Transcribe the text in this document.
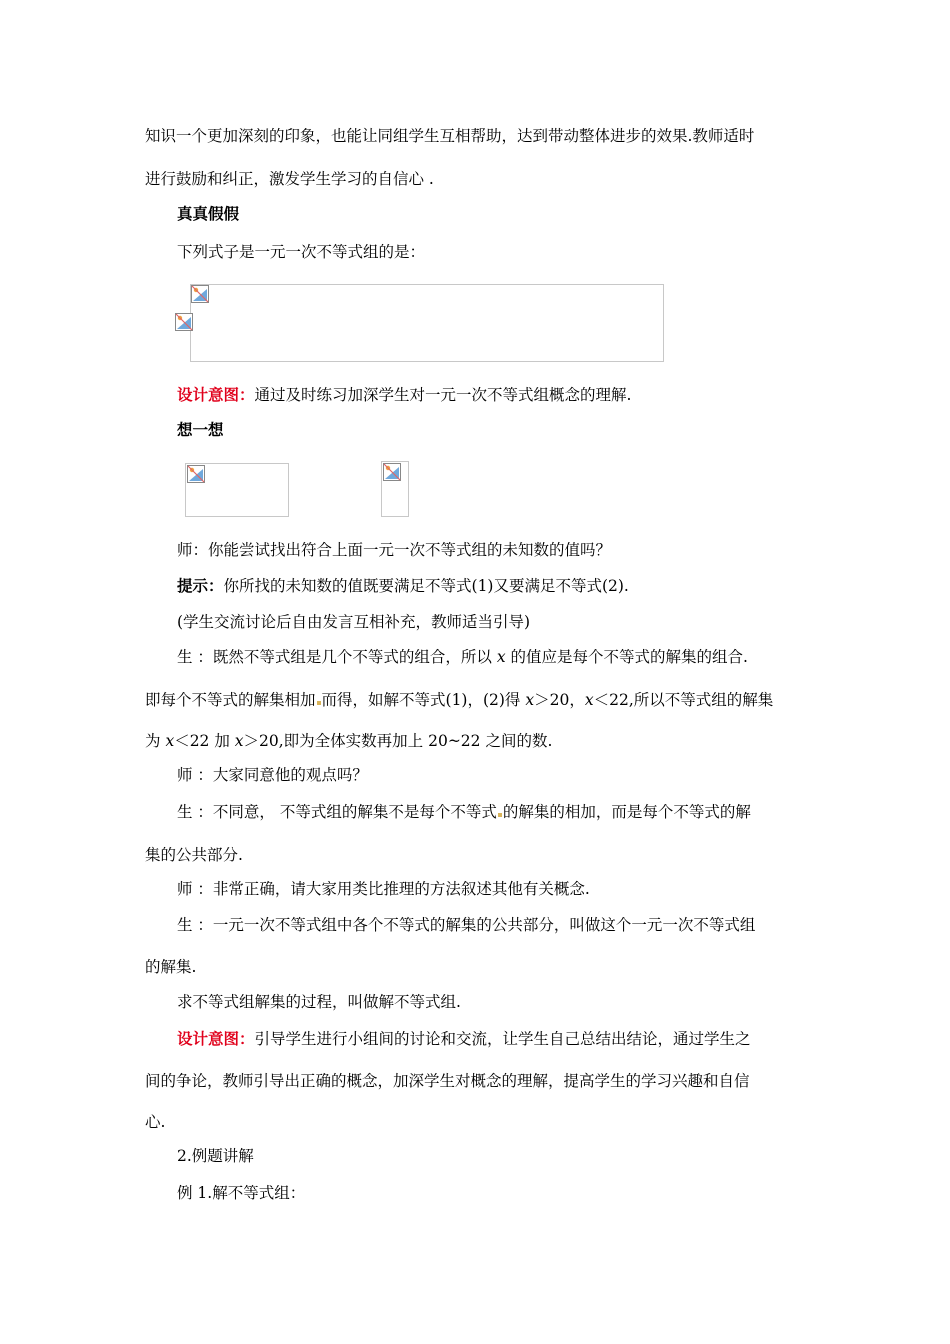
知识一个更加深刻的印象，也能让同组学生互相帮助，达到带动整体进步的效果.教师适时
进行鼓励和纠正，激发学生学习的自信心 .
真真假假
下列式子是一元一次不等式组的是：
设计意图：通过及时练习加深学生对一元一次不等式组概念的理解.
想一想
师：你能尝试找出符合上面一元一次不等式组的未知数的值吗？
提示：你所找的未知数的值既要满足不等式(1)又要满足不等式(2).
(学生交流讨论后自由发言互相补充，教师适当引导)
生 ：既然不等式组是几个不等式的组合，所以 x 的值应是每个不等式的解集的组合.
即每个不等式的解集相加 而得，如解不等式(1)，(2)得 x＞20，x＜22,所以不等式组的解集
为 x＜22 加 x＞20,即为全体实数再加上 20~22 之间的数.
师 ：大家同意他的观点吗？
生 ：不同意， 不等式组的解集不是每个不等式 的解集的相加，而是每个不等式的解
集的公共部分.
师 ：非常正确，请大家用类比推理的方法叙述其他有关概念.
生 ：一元一次不等式组中各个不等式的解集的公共部分，叫做这个一元一次不等式组
的解集.
求不等式组解集的过程，叫做解不等式组.
设计意图：引导学生进行小组间的讨论和交流，让学生自己总结出结论，通过学生之
间的争论，教师引导出正确的概念，加深学生对概念的理解，提高学生的学习兴趣和自信
心.
2.例题讲解
例 1.解不等式组：
